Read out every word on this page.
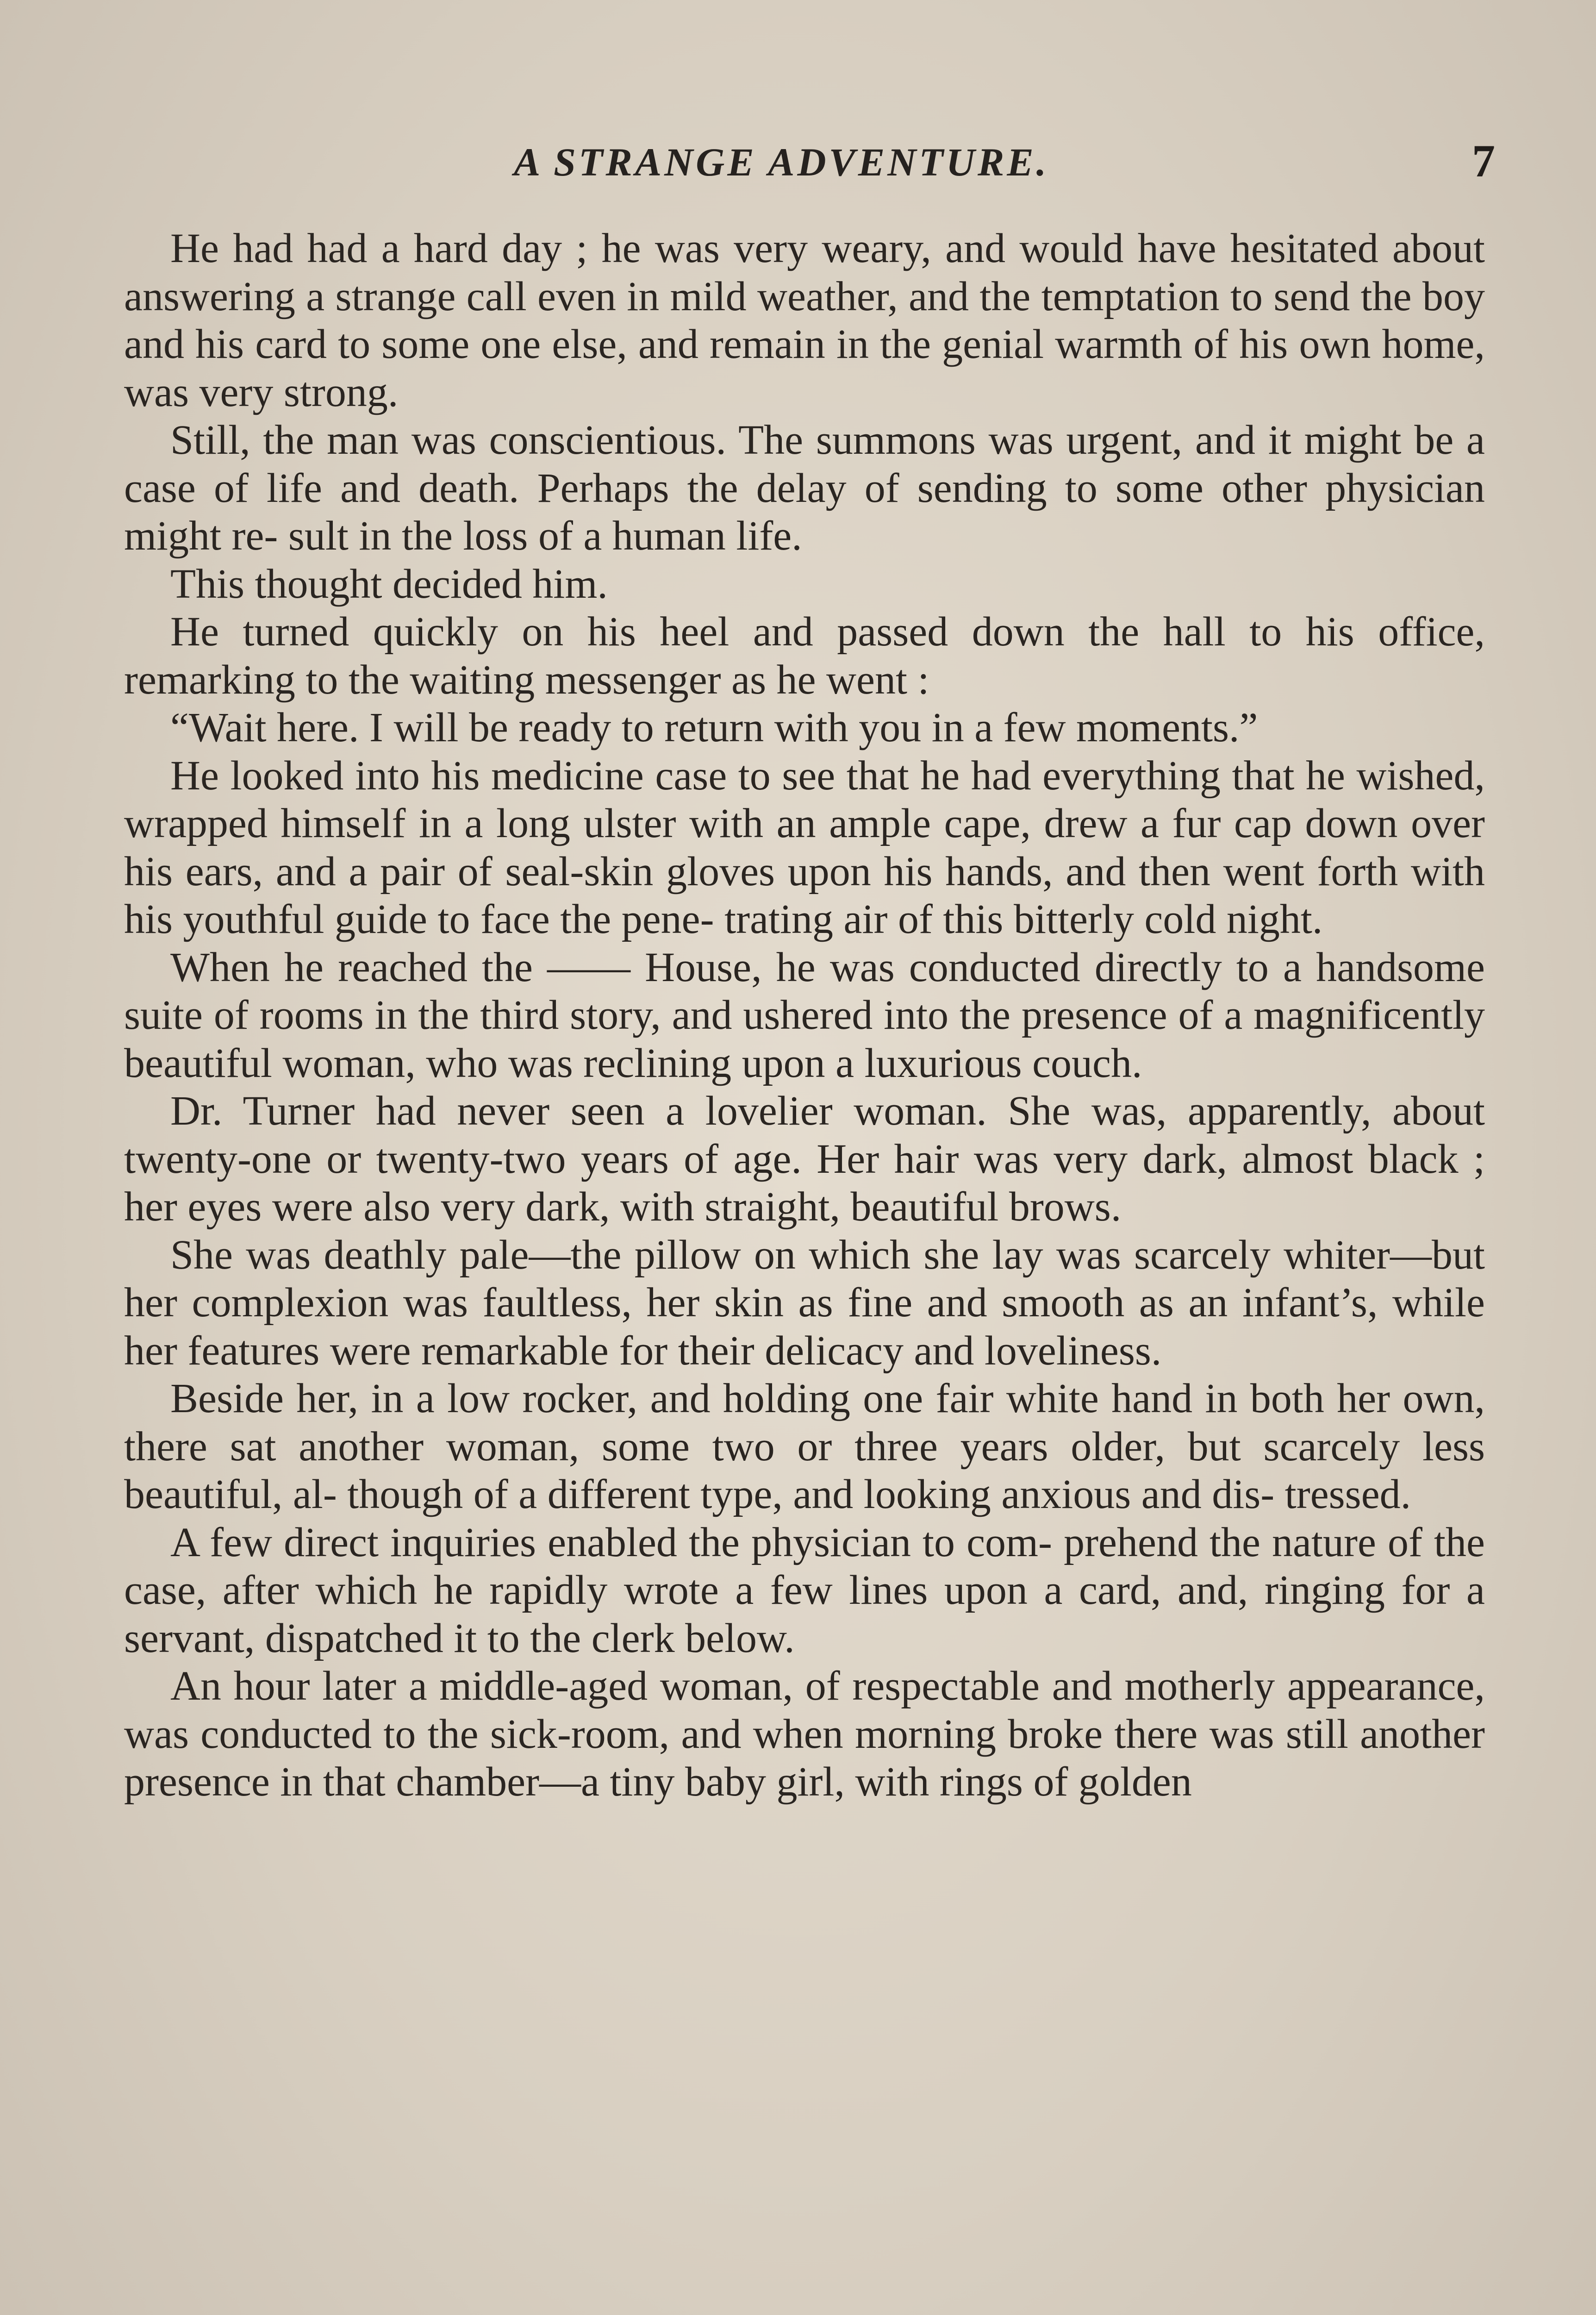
A STRANGE ADVENTURE.	7

He had had a hard day ; he was very weary, and would have hesitated about answering a strange call even in mild weather, and the temptation to send the boy and his card to some one else, and remain in the genial warmth of his own home, was very strong.

Still, the man was conscientious. The summons was urgent, and it might be a case of life and death. Perhaps the delay of sending to some other physician might re- sult in the loss of a human life.

This thought decided him.

He turned quickly on his heel and passed down the hall to his office, remarking to the waiting messenger as he went :

“Wait here. I will be ready to return with you in a few moments.”

He looked into his medicine case to see that he had everything that he wished, wrapped himself in a long ulster with an ample cape, drew a fur cap down over his ears, and a pair of seal-skin gloves upon his hands, and then went forth with his youthful guide to face the pene- trating air of this bitterly cold night.

When he reached the —— House, he was conducted directly to a handsome suite of rooms in the third story, and ushered into the presence of a magnificently beautiful woman, who was reclining upon a luxurious couch.

Dr. Turner had never seen a lovelier woman. She was, apparently, about twenty-one or twenty-two years of age. Her hair was very dark, almost black ; her eyes were also very dark, with straight, beautiful brows.

She was deathly pale—the pillow on which she lay was scarcely whiter—but her complexion was faultless, her skin as fine and smooth as an infant’s, while her features were remarkable for their delicacy and loveliness.

Beside her, in a low rocker, and holding one fair white hand in both her own, there sat another woman, some two or three years older, but scarcely less beautiful, al- though of a different type, and looking anxious and dis- tressed.

A few direct inquiries enabled the physician to com- prehend the nature of the case, after which he rapidly wrote a few lines upon a card, and, ringing for a servant, dispatched it to the clerk below.

An hour later a middle-aged woman, of respectable and motherly appearance, was conducted to the sick-room, and when morning broke there was still another presence in that chamber—a tiny baby girl, with rings of golden
